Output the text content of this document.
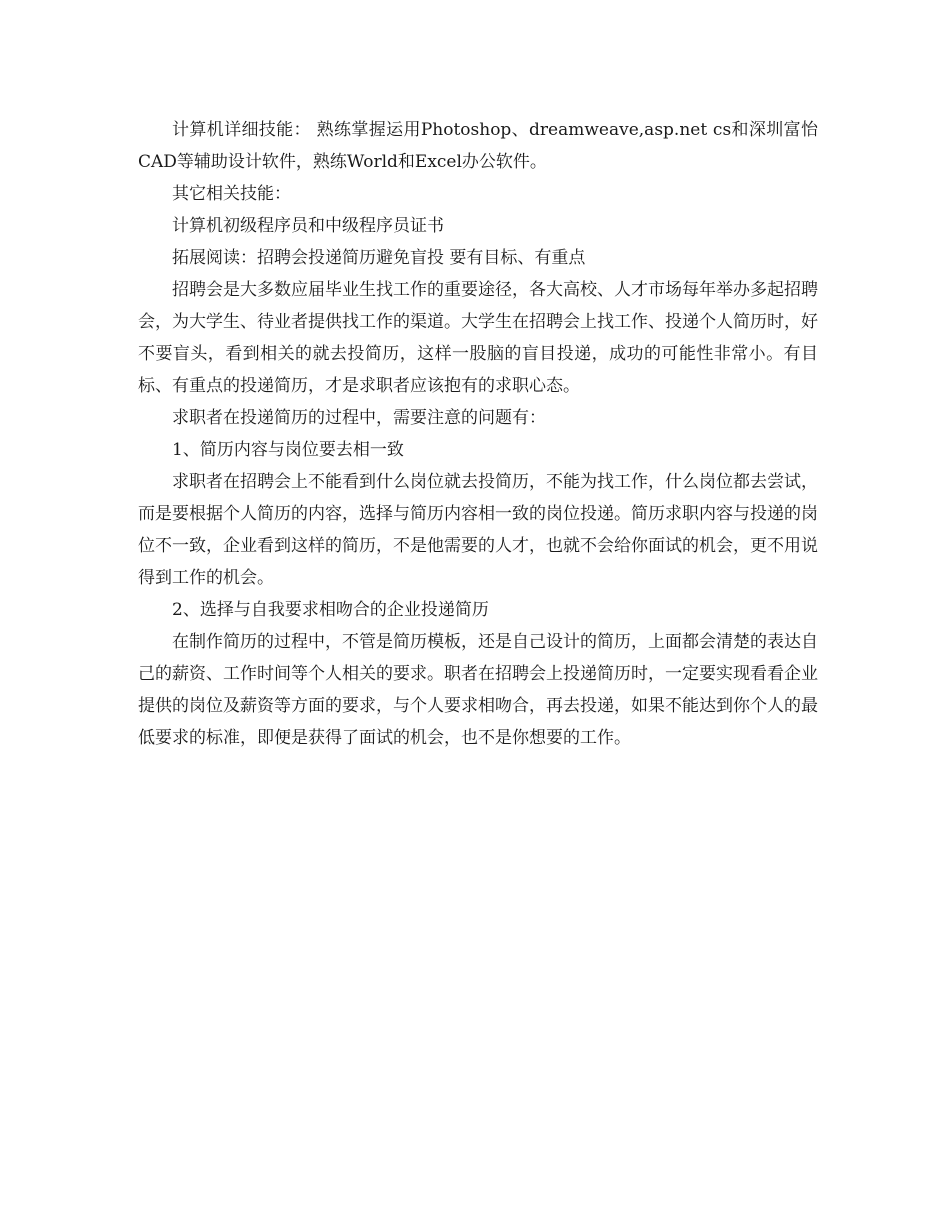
计算机详细技能： 熟练掌握运用Photoshop、dreamweave,asp.net cs和深圳富怡CAD等辅助设计软件，熟练World和Excel办公软件。

其它相关技能：

计算机初级程序员和中级程序员证书

拓展阅读：招聘会投递简历避免盲投 要有目标、有重点

招聘会是大多数应届毕业生找工作的重要途径，各大高校、人才市场每年举办多起招聘会，为大学生、待业者提供找工作的渠道。大学生在招聘会上找工作、投递个人简历时，好不要盲头，看到相关的就去投简历，这样一股脑的盲目投递，成功的可能性非常小。有目标、有重点的投递简历，才是求职者应该抱有的求职心态。

求职者在投递简历的过程中，需要注意的问题有：

1、简历内容与岗位要去相一致

求职者在招聘会上不能看到什么岗位就去投简历，不能为找工作，什么岗位都去尝试，而是要根据个人简历的内容，选择与简历内容相一致的岗位投递。简历求职内容与投递的岗位不一致，企业看到这样的简历，不是他需要的人才，也就不会给你面试的机会，更不用说得到工作的机会。

2、选择与自我要求相吻合的企业投递简历

在制作简历的过程中，不管是简历模板，还是自己设计的简历，上面都会清楚的表达自己的薪资、工作时间等个人相关的要求。职者在招聘会上投递简历时，一定要实现看看企业提供的岗位及薪资等方面的要求，与个人要求相吻合，再去投递，如果不能达到你个人的最低要求的标准，即便是获得了面试的机会，也不是你想要的工作。
